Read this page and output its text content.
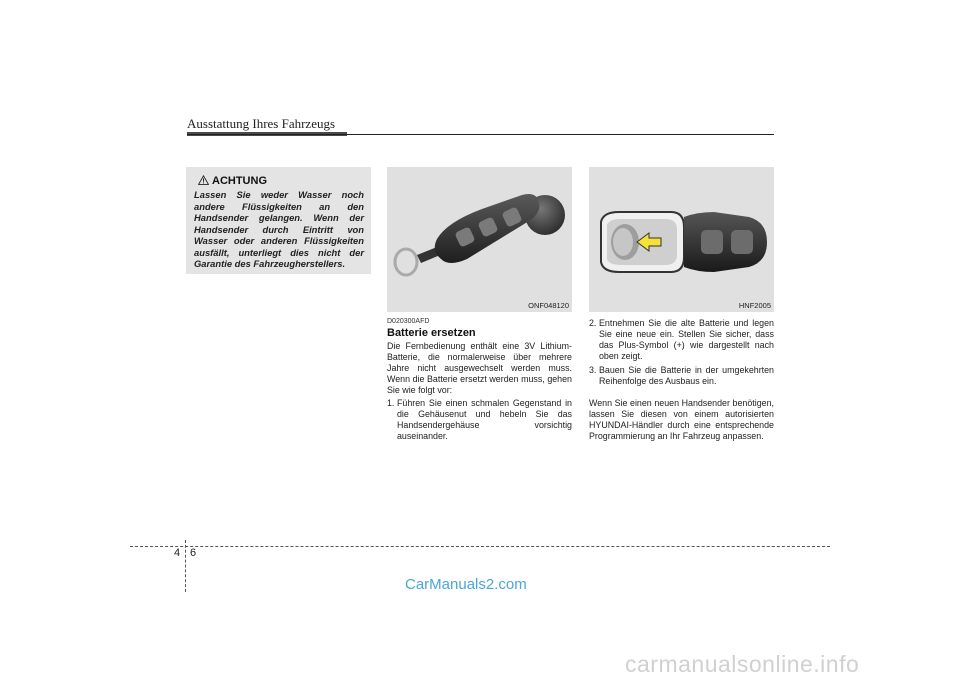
Ausstattung Ihres Fahrzeugs
ACHTUNG
Lassen Sie weder Wasser noch andere Flüssigkeiten an den Handsender gelangen. Wenn der Handsender durch Eintritt von Wasser oder anderen Flüssigkeiten ausfällt, unterliegt dies nicht der Garantie des Fahrzeugherstellers.
ONF048120	HNF2005
D020300AFD
Batterie ersetzen
Die Fernbedienung enthält eine 3V Lithium-Batterie, die normalerweise über mehrere Jahre nicht ausgewechselt werden muss. Wenn die Batterie ersetzt werden muss, gehen Sie wie folgt vor:
1. Führen Sie einen schmalen Gegenstand in die Gehäusenut und hebeln Sie das Handsendergehäuse vorsichtig auseinander.
2. Entnehmen Sie die alte Batterie und legen Sie eine neue ein. Stellen Sie sicher, dass das Plus-Symbol (+) wie dargestellt nach oben zeigt.
3. Bauen Sie die Batterie in der umgekehrten Reihenfolge des Ausbaus ein.
Wenn Sie einen neuen Handsender benötigen, lassen Sie diesen von einem autorisierten HYUNDAI-Händler durch eine entsprechende Programmierung an Ihr Fahrzeug anpassen.
4 6
CarManuals2.com
carmanualsonline.info
